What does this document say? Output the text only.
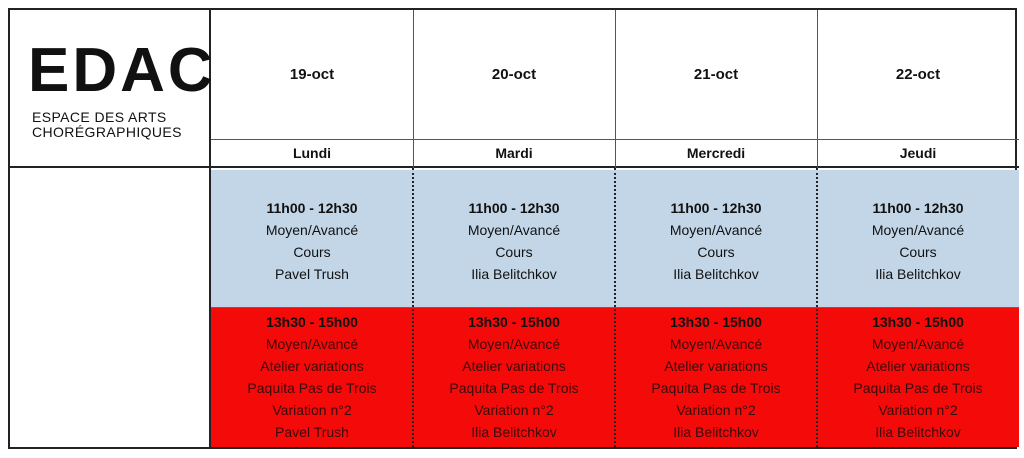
EDAC
ESPACE DES ARTS
CHORÉGRAPHIQUES
19-oct
Lundi
11h00 - 12h30
Moyen/Avancé
Cours
Pavel Trush
13h30 - 15h00
Moyen/Avancé
Atelier variations
Paquita Pas de Trois
Variation n°2
Pavel Trush
20-oct
Mardi
11h00 - 12h30
Moyen/Avancé
Cours
Ilia Belitchkov
13h30 - 15h00
Moyen/Avancé
Atelier variations
Paquita Pas de Trois
Variation n°2
Ilia Belitchkov
21-oct
Mercredi
11h00 - 12h30
Moyen/Avancé
Cours
Ilia Belitchkov
13h30 - 15h00
Moyen/Avancé
Atelier variations
Paquita Pas de Trois
Variation n°2
Ilia Belitchkov
22-oct
Jeudi
11h00 - 12h30
Moyen/Avancé
Cours
Ilia Belitchkov
13h30 - 15h00
Moyen/Avancé
Atelier variations
Paquita Pas de Trois
Variation n°2
Ilia Belitchkov
